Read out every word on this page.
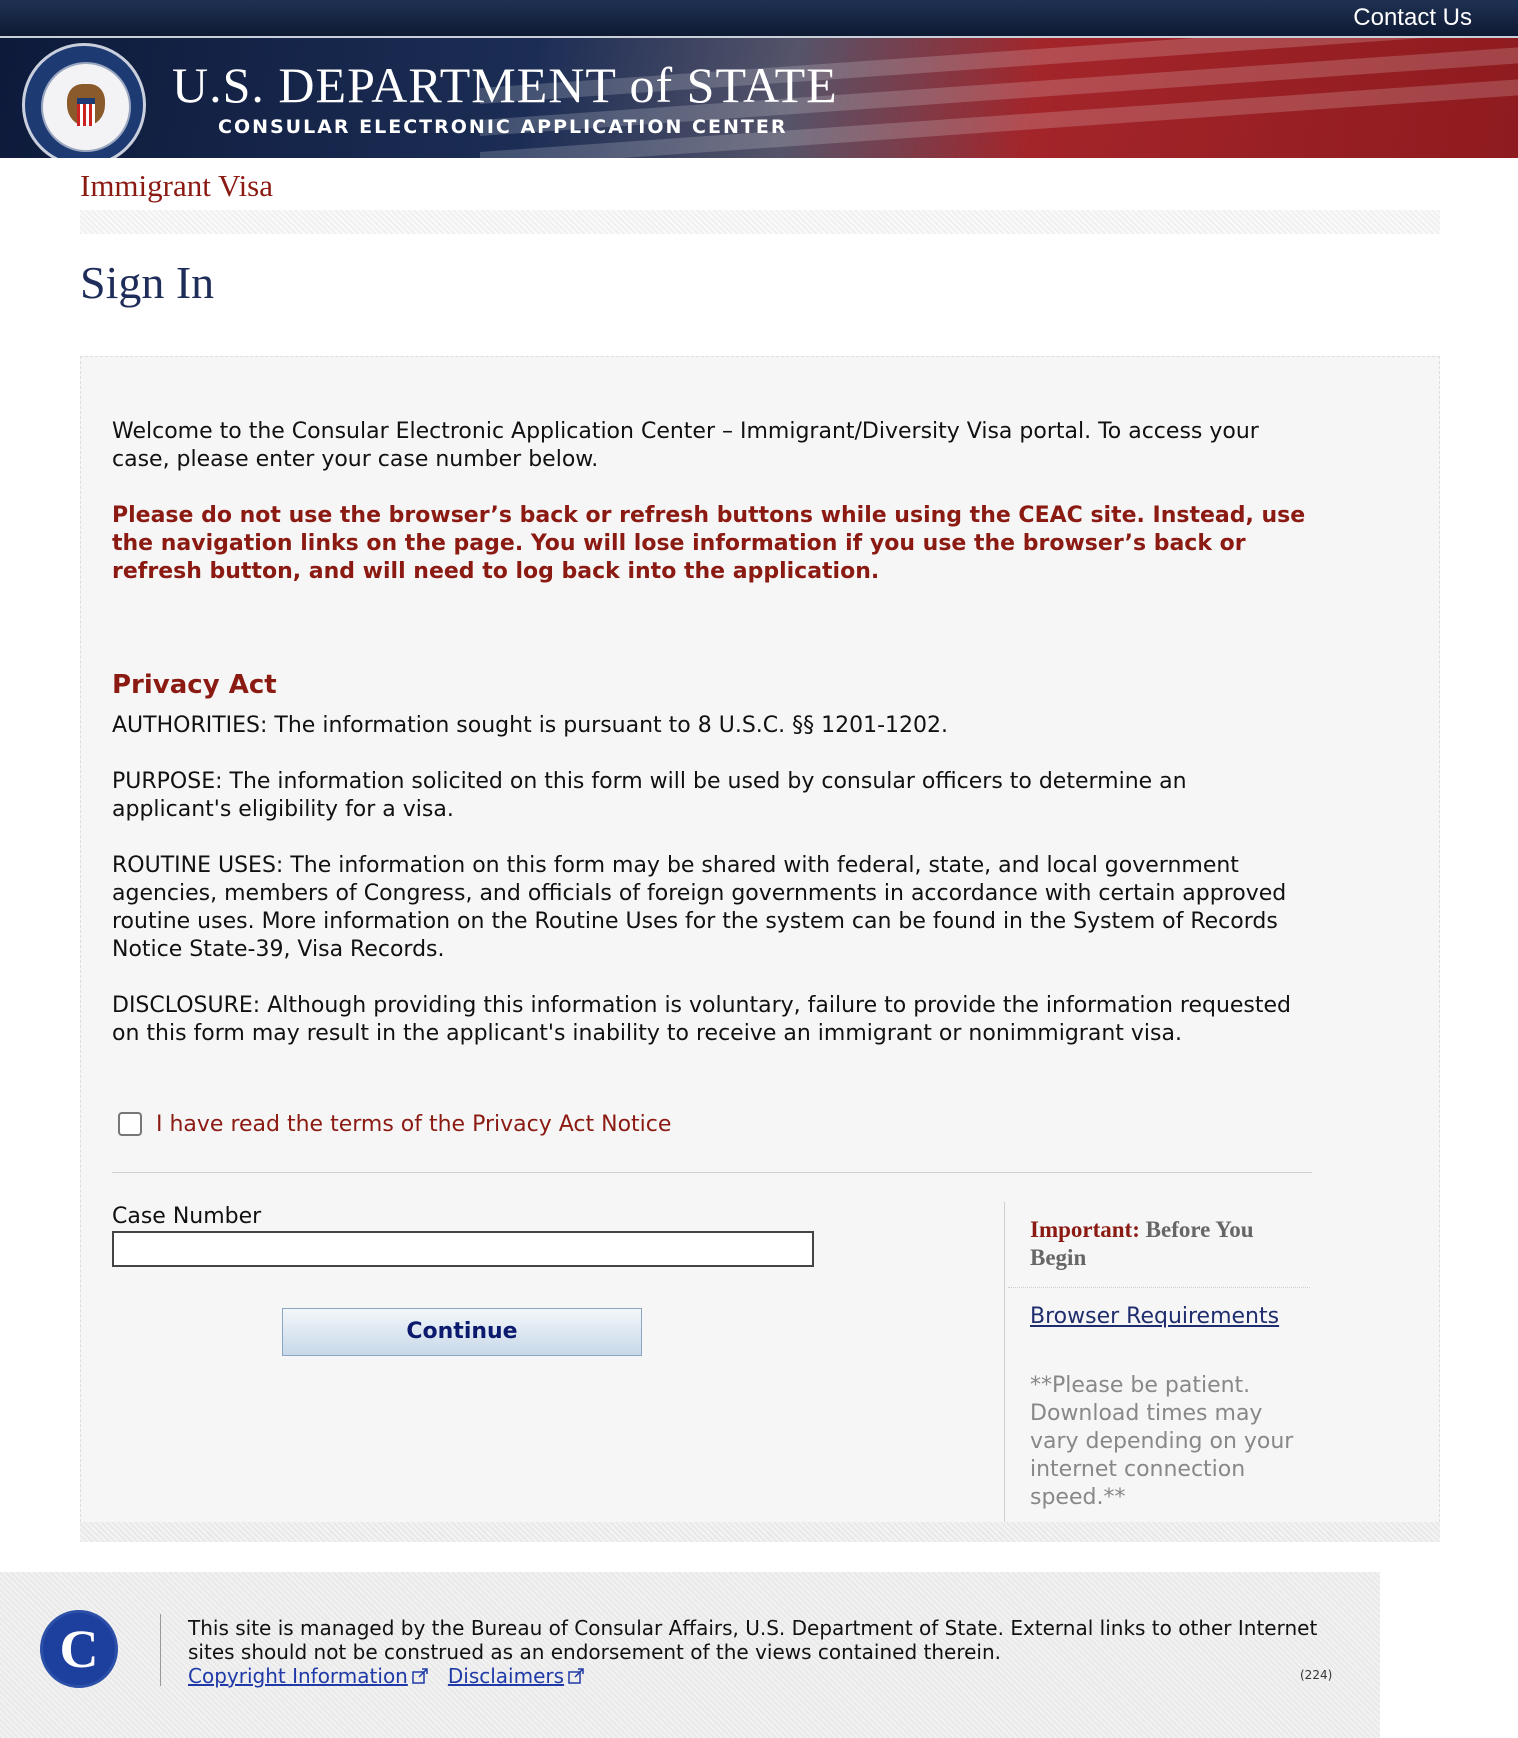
Contact Us
U.S. DEPARTMENT of STATE
CONSULAR ELECTRONIC APPLICATION CENTER
Immigrant Visa
Sign In
Welcome to the Consular Electronic Application Center – Immigrant/Diversity Visa portal. To access your case, please enter your case number below.
Please do not use the browser’s back or refresh buttons while using the CEAC site. Instead, use the navigation links on the page. You will lose information if you use the browser’s back or refresh button, and will need to log back into the application.
Privacy Act
AUTHORITIES: The information sought is pursuant to 8 U.S.C. §§ 1201-1202.
PURPOSE: The information solicited on this form will be used by consular officers to determine an applicant's eligibility for a visa.
ROUTINE USES: The information on this form may be shared with federal, state, and local government agencies, members of Congress, and officials of foreign governments in accordance with certain approved routine uses. More information on the Routine Uses for the system can be found in the System of Records Notice State-39, Visa Records.
DISCLOSURE: Although providing this information is voluntary, failure to provide the information requested on this form may result in the applicant's inability to receive an immigrant or nonimmigrant visa.
I have read the terms of the Privacy Act Notice
Case Number
Continue
Important: Before You Begin
Browser Requirements
**Please be patient. Download times may vary depending on your internet connection speed.**
C	This site is managed by the Bureau of Consular Affairs, U.S. Department of State. External links to other Internet sites should not be construed as an endorsement of the views contained therein.
Copyright Information Disclaimers	(224)
